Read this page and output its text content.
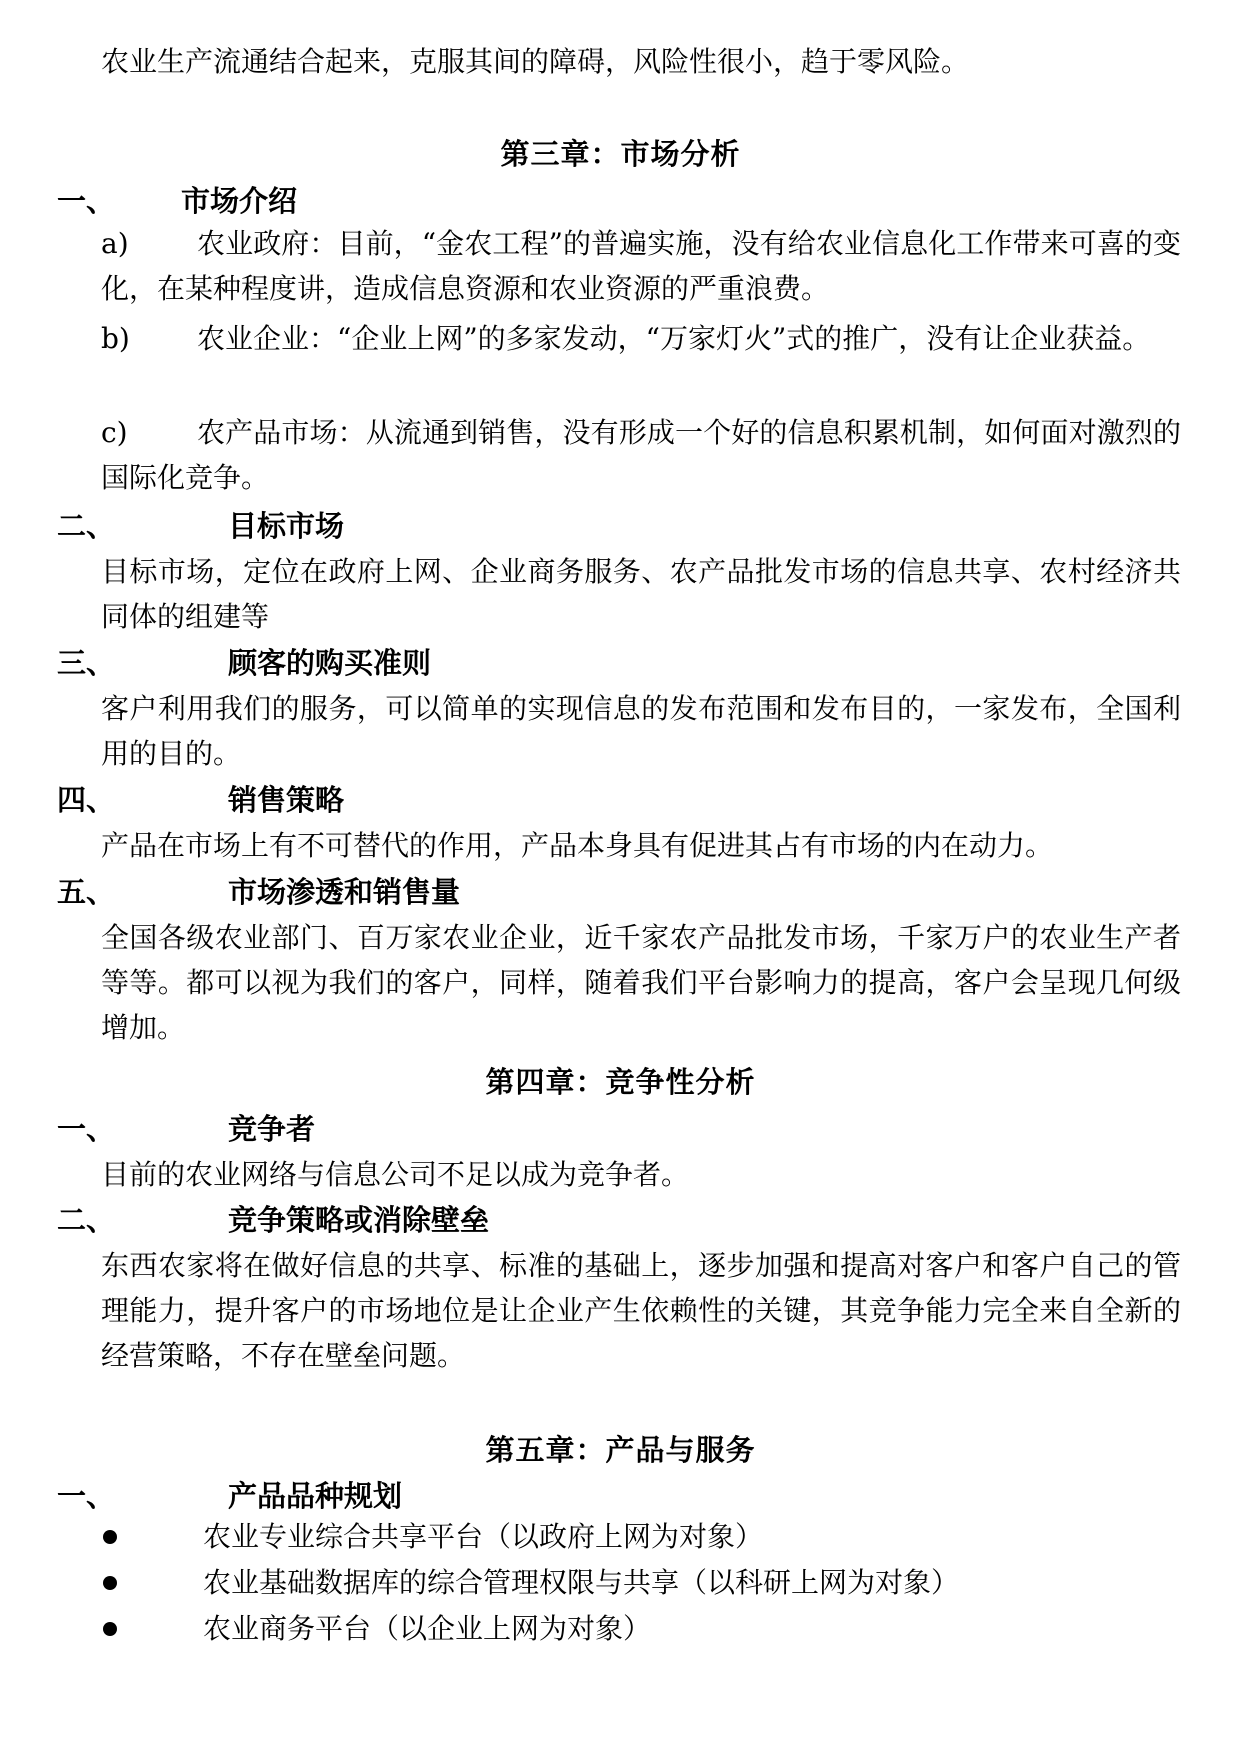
农业生产流通结合起来，克服其间的障碍，风险性很小，趋于零风险。
第三章：市场分析
一、 市场介绍
a)	农业政府：目前，“金农工程”的普遍实施，没有给农业信息化工作带来可喜的变化，在某种程度讲，造成信息资源和农业资源的严重浪费。
b)	农业企业：“企业上网”的多家发动，“万家灯火”式的推广，没有让企业获益。
c)	农产品市场：从流通到销售，没有形成一个好的信息积累机制，如何面对激烈的国际化竞争。
二、	目标市场
目标市场，定位在政府上网、企业商务服务、农产品批发市场的信息共享、农村经济共同体的组建等
三、	顾客的购买准则
客户利用我们的服务，可以简单的实现信息的发布范围和发布目的，一家发布，全国利用的目的。
四、	销售策略
产品在市场上有不可替代的作用，产品本身具有促进其占有市场的内在动力。
五、	市场渗透和销售量
全国各级农业部门、百万家农业企业，近千家农产品批发市场，千家万户的农业生产者等等。都可以视为我们的客户，同样，随着我们平台影响力的提高，客户会呈现几何级增加。
第四章：竞争性分析
一、	竞争者
目前的农业网络与信息公司不足以成为竞争者。
二、	竞争策略或消除壁垒
东西农家将在做好信息的共享、标准的基础上，逐步加强和提高对客户和客户自己的管理能力，提升客户的市场地位是让企业产生依赖性的关键，其竞争能力完全来自全新的经营策略，不存在壁垒问题。
第五章：产品与服务
一、	产品品种规划
农业专业综合共享平台（以政府上网为对象）
农业基础数据库的综合管理权限与共享（以科研上网为对象）
农业商务平台（以企业上网为对象）
